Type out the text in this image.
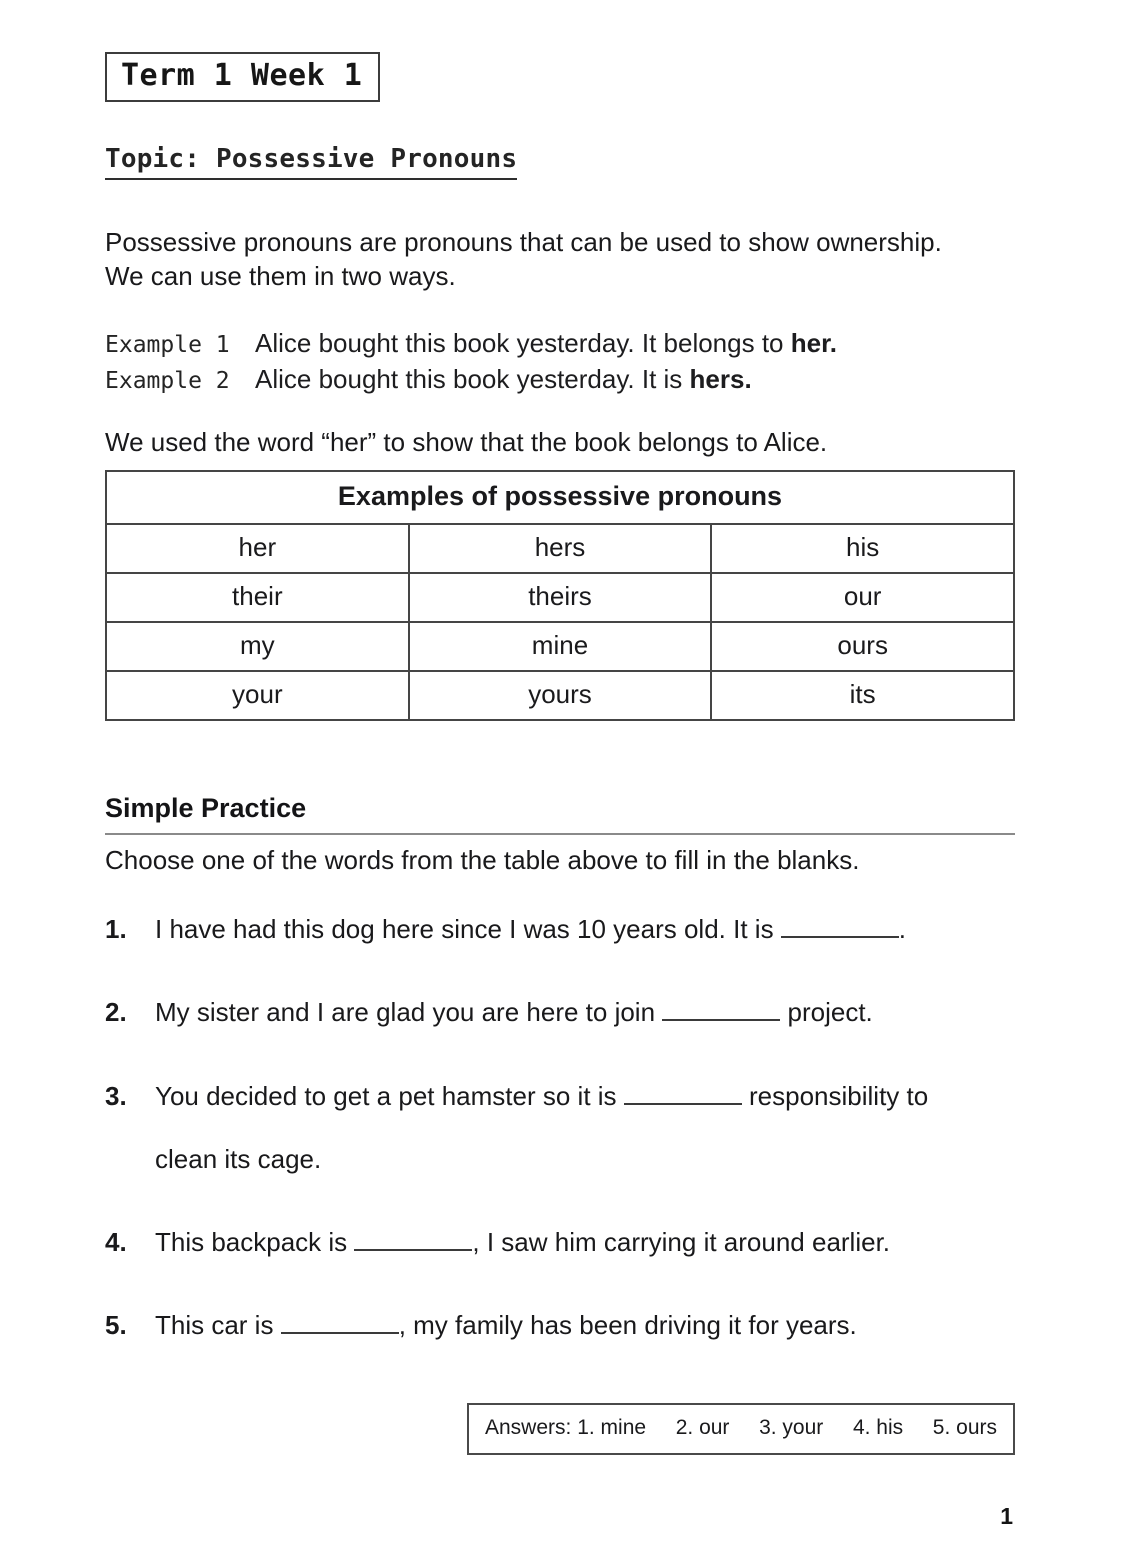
Term 1 Week 1
Topic: Possessive Pronouns

Possessive pronouns are pronouns that can be used to show ownership.
We can use them in two ways.

Example 1 Alice bought this book yesterday. It belongs to her.
Example 2 Alice bought this book yesterday. It is hers.

We used the word “her” to show that the book belongs to Alice.

Examples of possessive pronouns		
her	hers	his
their	theirs	our
my	mine	ours
your	yours	its
Simple Practice

Choose one of the words from the table above to fill in the blanks.

1.	I have had this dog here since I was 10 years old. It is	.
2.	My sister and I are glad you are here to join	project.
3.	You decided to get a pet hamster so it is	responsibility to
clean its cage.
4.	This backpack is	, I saw him carrying it around earlier.
5.	This car is	, my family has been driving it for years.
Answers: 1. mine 2. our 3. your 4. his 5. ours
1
